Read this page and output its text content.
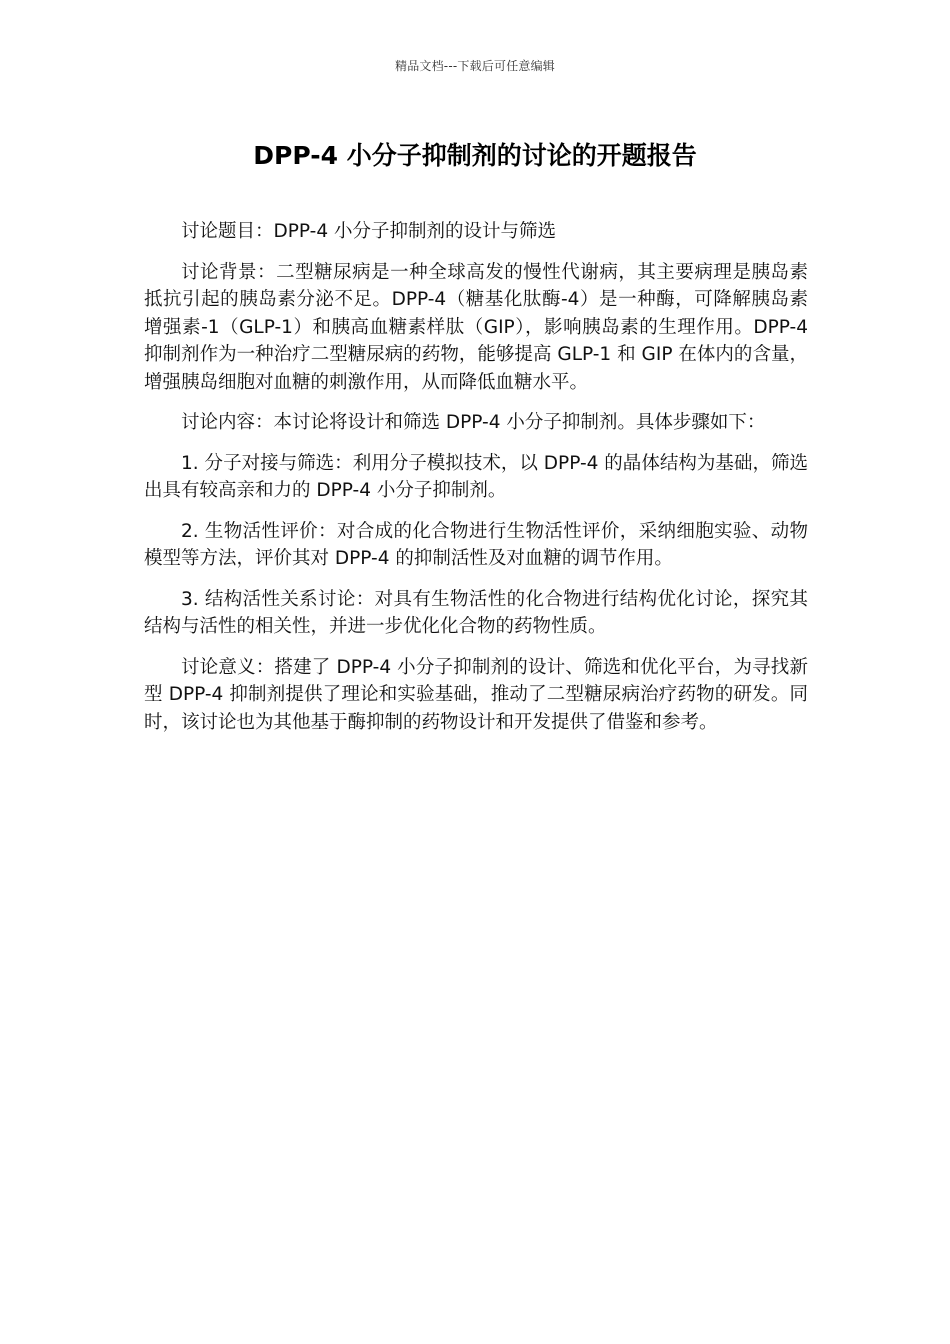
精品文档---下载后可任意编辑
DPP-4 小分子抑制剂的讨论的开题报告

讨论题目：DPP-4 小分子抑制剂的设计与筛选

讨论背景：二型糖尿病是一种全球高发的慢性代谢病，其主要病理是胰岛素抵抗引起的胰岛素分泌不足。DPP-4（糖基化肽酶-4）是一种酶，可降解胰岛素增强素-1（GLP-1）和胰高血糖素样肽（GIP），影响胰岛素的生理作用。DPP-4 抑制剂作为一种治疗二型糖尿病的药物，能够提高 GLP-1 和 GIP 在体内的含量，增强胰岛细胞对血糖的刺激作用，从而降低血糖水平。

讨论内容：本讨论将设计和筛选 DPP-4 小分子抑制剂。具体步骤如下：

1. 分子对接与筛选：利用分子模拟技术，以 DPP-4 的晶体结构为基础，筛选出具有较高亲和力的 DPP-4 小分子抑制剂。

2. 生物活性评价：对合成的化合物进行生物活性评价，采纳细胞实验、动物模型等方法，评价其对 DPP-4 的抑制活性及对血糖的调节作用。

3. 结构活性关系讨论：对具有生物活性的化合物进行结构优化讨论，探究其结构与活性的相关性，并进一步优化化合物的药物性质。

讨论意义：搭建了 DPP-4 小分子抑制剂的设计、筛选和优化平台，为寻找新型 DPP-4 抑制剂提供了理论和实验基础，推动了二型糖尿病治疗药物的研发。同时，该讨论也为其他基于酶抑制的药物设计和开发提供了借鉴和参考。
